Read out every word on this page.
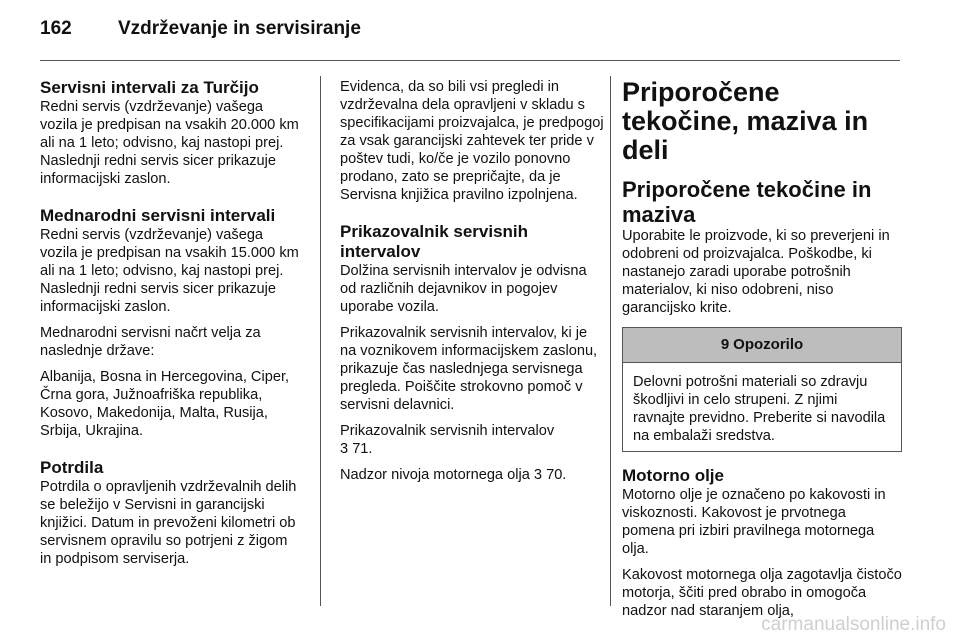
162 Vzdrževanje in servisiranje
Servisni intervali za Turčijo

Redni servis (vzdrževanje) vašega vozila je predpisan na vsakih 20.000 km ali na 1 leto; odvisno, kaj nastopi prej. Naslednji redni servis sicer prikazuje informacijski zaslon.

Mednarodni servisni intervali

Redni servis (vzdrževanje) vašega vozila je predpisan na vsakih 15.000 km ali na 1 leto; odvisno, kaj nastopi prej. Naslednji redni servis sicer prikazuje informacijski zaslon.

Mednarodni servisni načrt velja za naslednje države:

Albanija, Bosna in Hercegovina, Ciper, Črna gora, Južnoafriška republika, Kosovo, Makedonija, Malta, Rusija, Srbija, Ukrajina.

Potrdila

Potrdila o opravljenih vzdrževalnih delih se beležijo v Servisni in garancijski knjižici. Datum in prevoženi kilometri ob servisnem opravilu so potrjeni z žigom in podpisom serviserja.

Evidenca, da so bili vsi pregledi in vzdrževalna dela opravljeni v skladu s specifikacijami proizvajalca, je predpogoj za vsak garancijski zahtevek ter pride v poštev tudi, ko/če je vozilo ponovno prodano, zato se prepričajte, da je Servisna knjižica pravilno izpolnjena.

Prikazovalnik servisnih intervalov

Dolžina servisnih intervalov je odvisna od različnih dejavnikov in pogojev uporabe vozila.

Prikazovalnik servisnih intervalov, ki je na voznikovem informacijskem zaslonu, prikazuje čas naslednjega servisnega pregleda. Poiščite strokovno pomoč v servisni delavnici.

Prikazovalnik servisnih intervalov
3 71.

Nadzor nivoja motornega olja 3 70.

Priporočene tekočine, maziva in deli
Priporočene tekočine in maziva

Uporabite le proizvode, ki so preverjeni in odobreni od proizvajalca. Poškodbe, ki nastanejo zaradi uporabe potrošnih materialov, ki niso odobreni, niso garancijsko krite.

9 Opozorilo
Delovni potrošni materiali so zdravju škodljivi in celo strupeni. Z njimi ravnajte previdno. Preberite si navodila na embalaži sredstva.
Motorno olje

Motorno olje je označeno po kakovosti in viskoznosti. Kakovost je prvotnega pomena pri izbiri pravilnega motornega olja.

Kakovost motornega olja zagotavlja čistočo motorja, ščiti pred obrabo in omogoča nadzor nad staranjem olja,

carmanualsonline.info
